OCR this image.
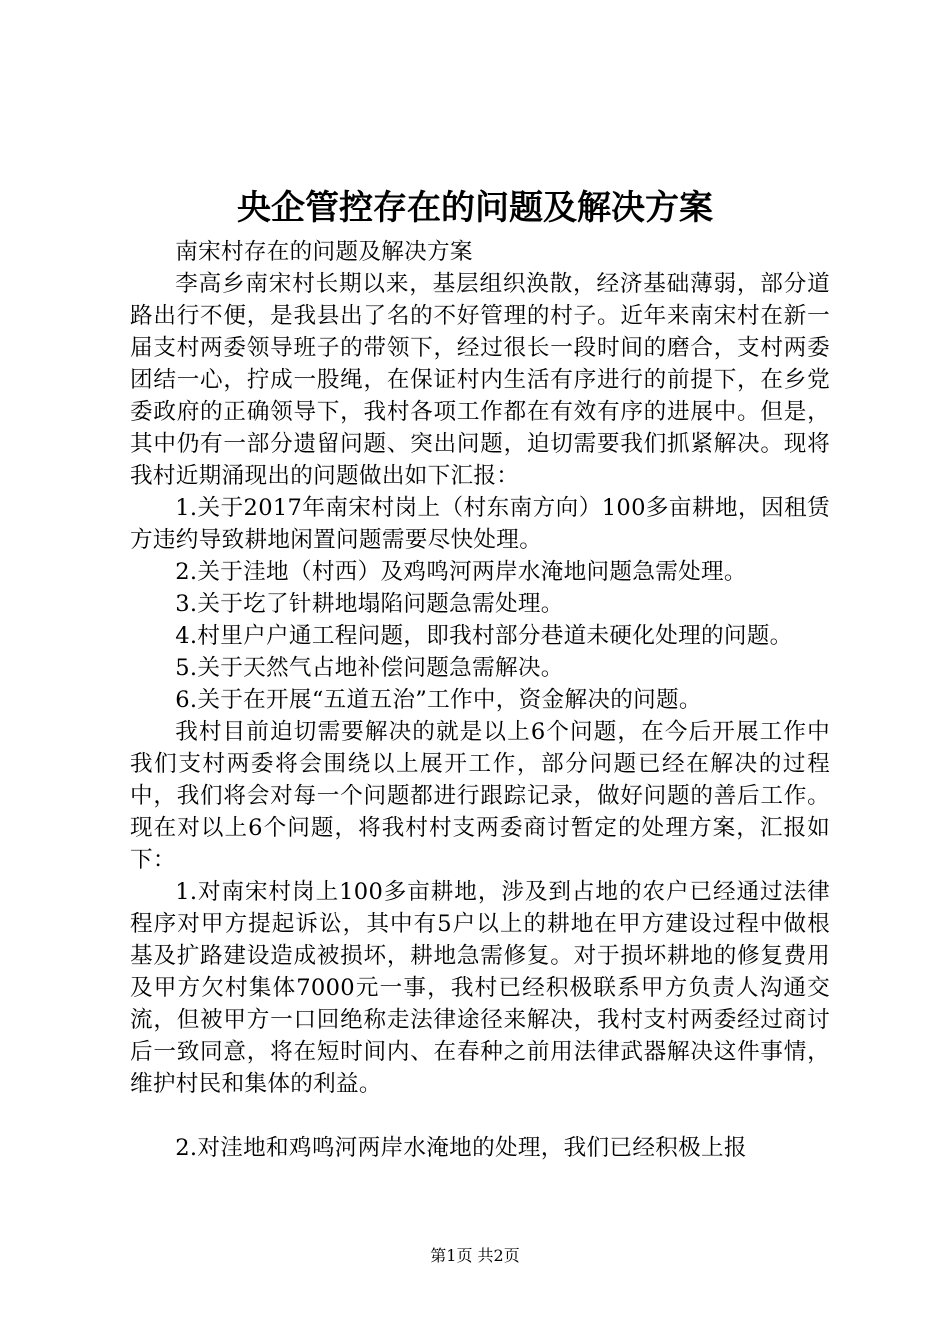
央企管控存在的问题及解决方案

南宋村存在的问题及解决方案

李高乡南宋村长期以来，基层组织涣散，经济基础薄弱，部分道路出行不便，是我县出了名的不好管理的村子。近年来南宋村在新一届支村两委领导班子的带领下，经过很长一段时间的磨合，支村两委团结一心，拧成一股绳，在保证村内生活有序进行的前提下，在乡党委政府的正确领导下，我村各项工作都在有效有序的进展中。但是，其中仍有一部分遗留问题、突出问题，迫切需要我们抓紧解决。现将我村近期涌现出的问题做出如下汇报：

1.关于2017年南宋村岗上（村东南方向）100多亩耕地，因租赁方违约导致耕地闲置问题需要尽快处理。

2.关于洼地（村西）及鸡鸣河两岸水淹地问题急需处理。

3.关于圪了针耕地塌陷问题急需处理。

4.村里户户通工程问题，即我村部分巷道未硬化处理的问题。

5.关于天然气占地补偿问题急需解决。

6.关于在开展“五道五治”工作中，资金解决的问题。

我村目前迫切需要解决的就是以上6个问题，在今后开展工作中我们支村两委将会围绕以上展开工作，部分问题已经在解决的过程中，我们将会对每一个问题都进行跟踪记录，做好问题的善后工作。现在对以上6个问题，将我村村支两委商讨暂定的处理方案，汇报如下：

1.对南宋村岗上100多亩耕地，涉及到占地的农户已经通过法律程序对甲方提起诉讼，其中有5户以上的耕地在甲方建设过程中做根基及扩路建设造成被损坏，耕地急需修复。对于损坏耕地的修复费用及甲方欠村集体7000元一事，我村已经积极联系甲方负责人沟通交流，但被甲方一口回绝称走法律途径来解决，我村支村两委经过商讨后一致同意，将在短时间内、在春种之前用法律武器解决这件事情，维护村民和集体的利益。

2.对洼地和鸡鸣河两岸水淹地的处理，我们已经积极上报

第1页 共2页
